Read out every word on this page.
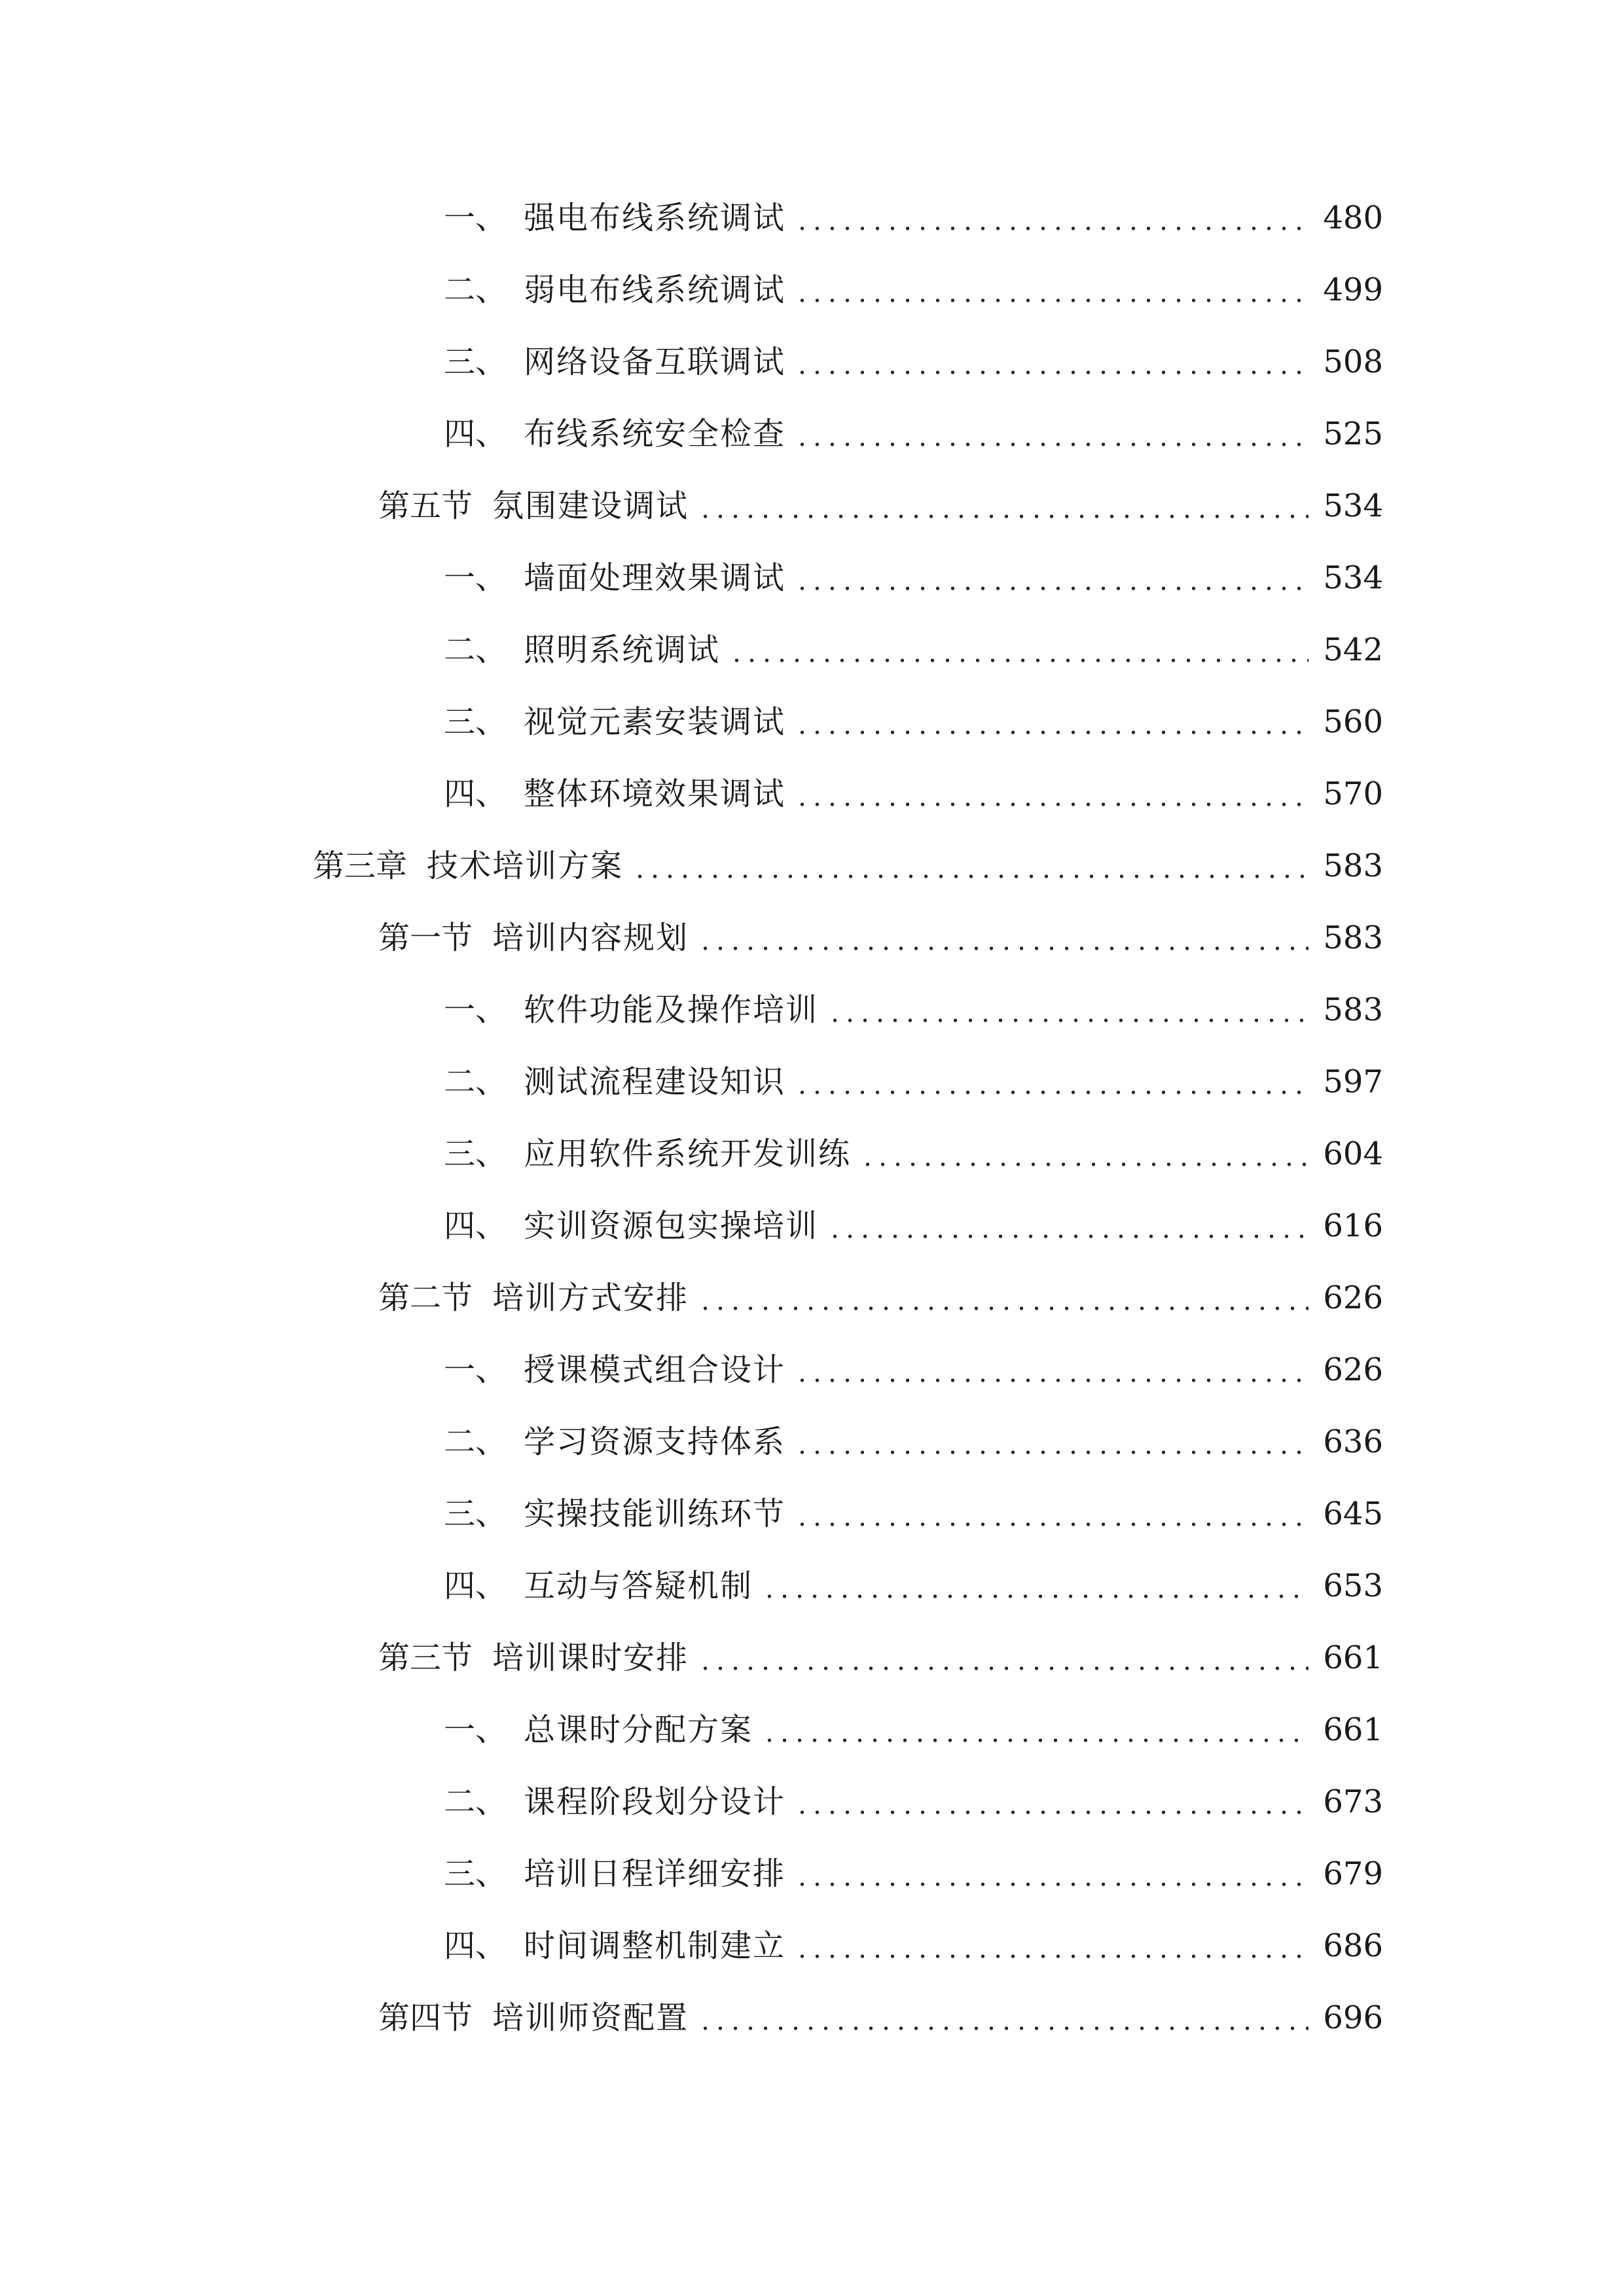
一、 强电布线系统调试	480
二、 弱电布线系统调试	499
三、 网络设备互联调试	508
四、 布线系统安全检查	525
第五节 氛围建设调试	534
一、 墙面处理效果调试	534
二、 照明系统调试	542
三、 视觉元素安装调试	560
四、 整体环境效果调试	570
第三章 技术培训方案	583
第一节 培训内容规划	583
一、 软件功能及操作培训	583
二、 测试流程建设知识	597
三、 应用软件系统开发训练	604
四、 实训资源包实操培训	616
第二节 培训方式安排	626
一、 授课模式组合设计	626
二、 学习资源支持体系	636
三、 实操技能训练环节	645
四、 互动与答疑机制	653
第三节 培训课时安排	661
一、 总课时分配方案	661
二、 课程阶段划分设计	673
三、 培训日程详细安排	679
四、 时间调整机制建立	686
第四节 培训师资配置	696
